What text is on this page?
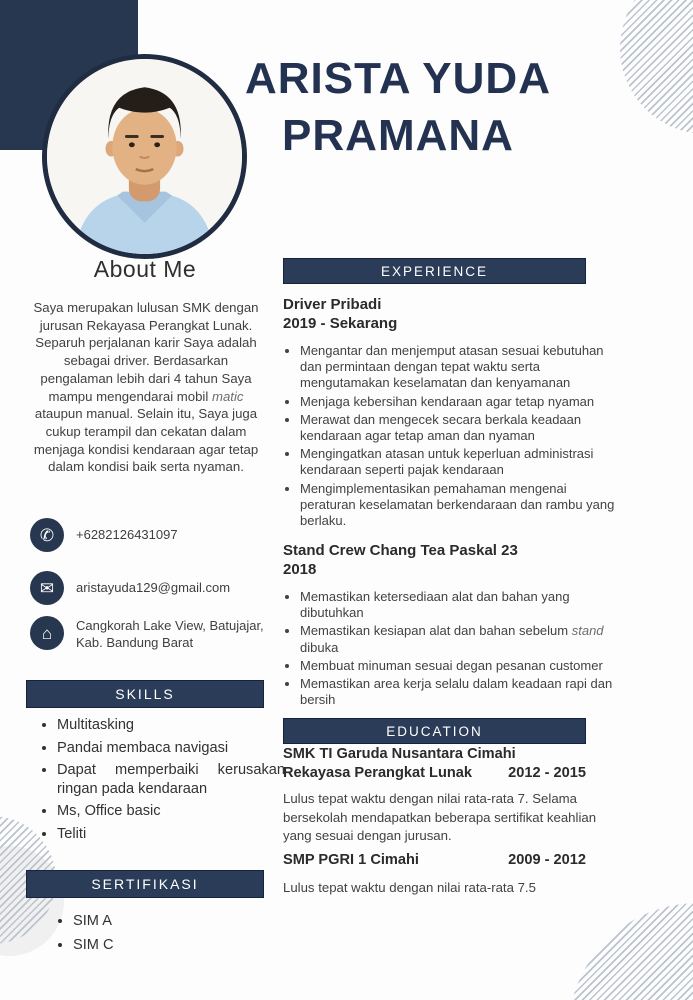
ARISTA YUDA
PRAMANA
About Me
Saya merupakan lulusan SMK dengan jurusan Rekayasa Perangkat Lunak. Separuh perjalanan karir Saya adalah sebagai driver. Berdasarkan pengalaman lebih dari 4 tahun Saya mampu mengendarai mobil matic ataupun manual. Selain itu, Saya juga cukup terampil dan cekatan dalam menjaga kondisi kendaraan agar tetap dalam kondisi baik serta nyaman.
✆ +6282126431097
✉ aristayuda129@gmail.com
⌂ Cangkorah Lake View, Batujajar, Kab. Bandung Barat
SKILLS
• Multitasking
• Pandai membaca navigasi
• Dapat memperbaiki kerusakan ringan pada kendaraan
• Ms, Office basic
• Teliti
SERTIFIKASI
• SIM A
• SIM C
EXPERIENCE
Driver Pribadi
2019 - Sekarang
• Mengantar dan menjemput atasan sesuai kebutuhan dan permintaan dengan tepat waktu serta mengutamakan keselamatan dan kenyamanan
• Menjaga kebersihan kendaraan agar tetap nyaman
• Merawat dan mengecek secara berkala keadaan kendaraan agar tetap aman dan nyaman
• Mengingatkan atasan untuk keperluan administrasi kendaraan seperti pajak kendaraan
• Mengimplementasikan pemahaman mengenai peraturan keselamatan berkendaraan dan rambu yang berlaku.
Stand Crew Chang Tea Paskal 23
2018
• Memastikan ketersediaan alat dan bahan yang dibutuhkan
• Memastikan kesiapan alat dan bahan sebelum stand dibuka
• Membuat minuman sesuai degan pesanan customer
• Memastikan area kerja selalu dalam keadaan rapi dan bersih
EDUCATION
SMK TI Garuda Nusantara Cimahi
Rekayasa Perangkat Lunak 2012 - 2015
Lulus tepat waktu dengan nilai rata-rata 7. Selama bersekolah mendapatkan beberapa sertifikat keahlian yang sesuai dengan jurusan.
SMP PGRI 1 Cimahi	2009 - 2012
Lulus tepat waktu dengan nilai rata-rata 7.5
